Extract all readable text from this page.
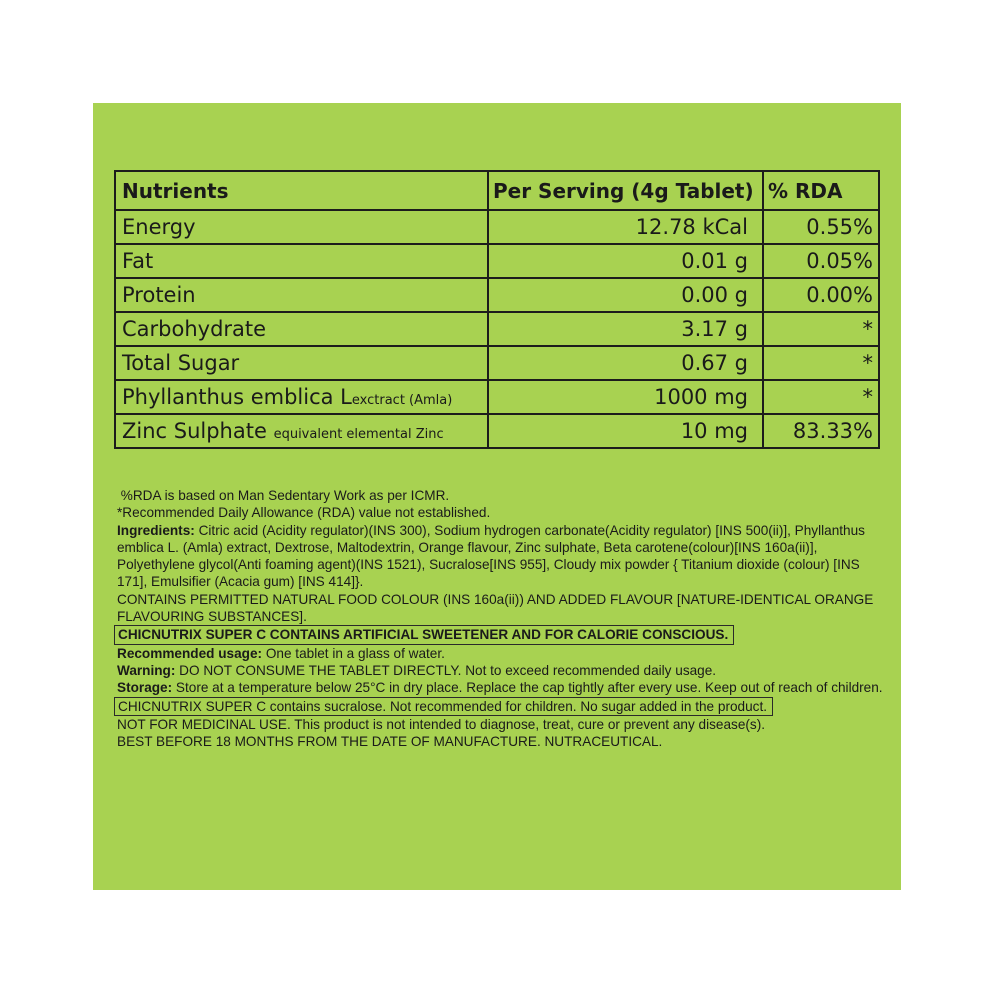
Nutrients	Per Serving (4g Tablet)	% RDA
Energy	12.78 kCal	0.55%
Fat	0.01 g	0.05%
Protein	0.00 g	0.00%
Carbohydrate	3.17 g	*
Total Sugar	0.67 g	*
Phyllanthus emblica Lexctract (Amla)	1000 mg	*
Zinc Sulphate equivalent elemental Zinc	10 mg	83.33%

%RDA is based on Man Sedentary Work as per ICMR.

*Recommended Daily Allowance (RDA) value not established.

Ingredients: Citric acid (Acidity regulator)(INS 300), Sodium hydrogen carbonate(Acidity regulator) [INS 500(ii)], Phyllanthus emblica L. (Amla) extract, Dextrose, Maltodextrin, Orange flavour, Zinc sulphate, Beta carotene(colour)[INS 160a(ii)], Polyethylene glycol(Anti foaming agent)(INS 1521), Sucralose[INS 955], Cloudy mix powder { Titanium dioxide (colour) [INS 171], Emulsifier (Acacia gum) [INS 414]}.

CONTAINS PERMITTED NATURAL FOOD COLOUR (INS 160a(ii)) AND ADDED FLAVOUR [NATURE-IDENTICAL ORANGE FLAVOURING SUBSTANCES].

CHICNUTRIX SUPER C CONTAINS ARTIFICIAL SWEETENER AND FOR CALORIE CONSCIOUS.

Recommended usage: One tablet in a glass of water.

Warning: DO NOT CONSUME THE TABLET DIRECTLY. Not to exceed recommended daily usage.

Storage: Store at a temperature below 25°C in dry place. Replace the cap tightly after every use. Keep out of reach of children.

CHICNUTRIX SUPER C contains sucralose. Not recommended for children. No sugar added in the product.

NOT FOR MEDICINAL USE. This product is not intended to diagnose, treat, cure or prevent any disease(s).

BEST BEFORE 18 MONTHS FROM THE DATE OF MANUFACTURE. NUTRACEUTICAL.
